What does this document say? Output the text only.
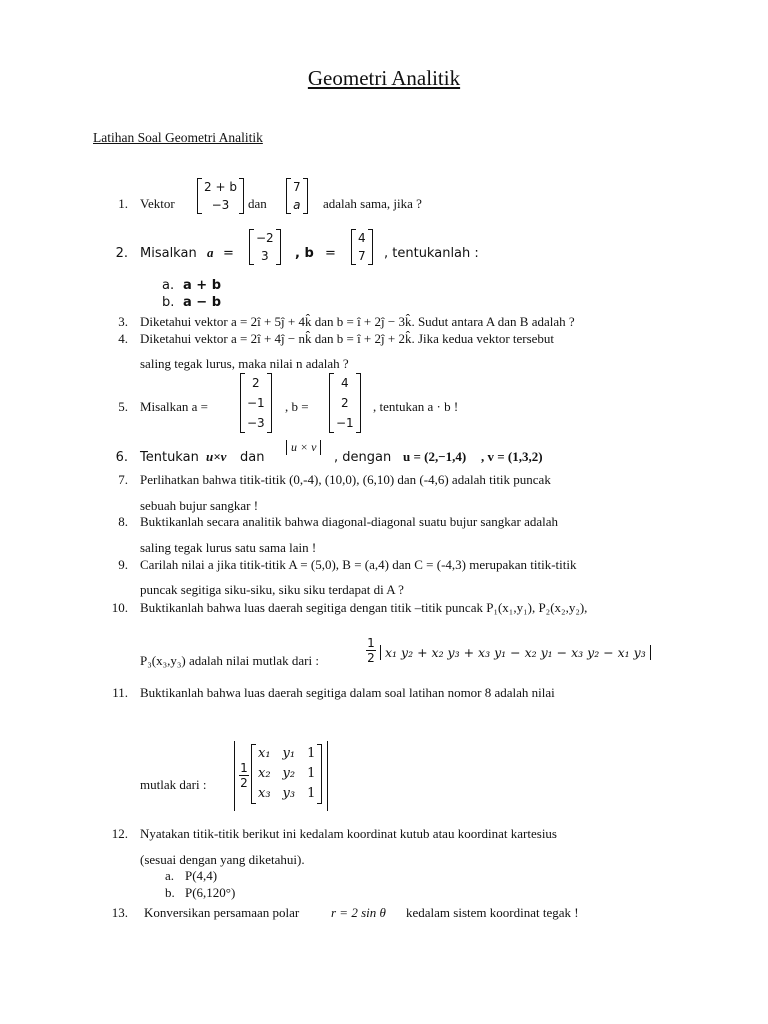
Geometri Analitik
Latihan Soal Geometri Analitik
1. Vektor
2 + b
−3	dan
7
a	adalah sama, jika ?
2. Misalkan a =
−2
3	, b =
4
7	, tentukanlah :
a. a + b
b. a − b
3. Diketahui vektor a = 2î + 5ĵ + 4k̂ dan b = î + 2ĵ − 3k̂. Sudut antara A dan B adalah ?
4. Diketahui vektor a = 2î + 4ĵ − nk̂ dan b = î + 2ĵ + 2k̂. Jika kedua vektor tersebut
saling tegak lurus, maka nilai n adalah ?
5. Misalkan a =
2
−1
−3
, b =
4
2
−1
, tentukan a · b !
6. Tentukan u×v dan
u × v
, dengan u = (2,−1,4) , v = (1,3,2)
7. Perlihatkan bahwa titik-titik (0,-4), (10,0), (6,10) dan (-4,6) adalah titik puncak
sebuah bujur sangkar !
8. Buktikanlah secara analitik bahwa diagonal-diagonal suatu bujur sangkar adalah
saling tegak lurus satu sama lain !
9. Carilah nilai a jika titik-titik A = (5,0), B = (a,4) dan C = (-4,3) merupakan titik-titik
puncak segitiga siku-siku, siku siku terdapat di A ?
10. Buktikanlah bahwa luas daerah segitiga dengan titik –titik puncak P₁(x₁,y₁), P₂(x₂,y₂),
P₃(x₃,y₃) adalah nilai mutlak dari :
1
2 x₁ y₂ + x₂ y₃ + x₃ y₁ − x₂ y₁ − x₃ y₂ − x₁ y₃
11. Buktikanlah bahwa luas daerah segitiga dalam soal latihan nomor 8 adalah nilai
mutlak dari :
1
2
x₁	y₁	1
x₂	y₂	1
x₃	y₃	1
12. Nyatakan titik-titik berikut ini kedalam koordinat kutub atau koordinat kartesius
(sesuai dengan yang diketahui).
a. P(4,4)
b. P(6,120°)
13. Konversikan persamaan polar r = 2 sin θ kedalam sistem koordinat tegak !
